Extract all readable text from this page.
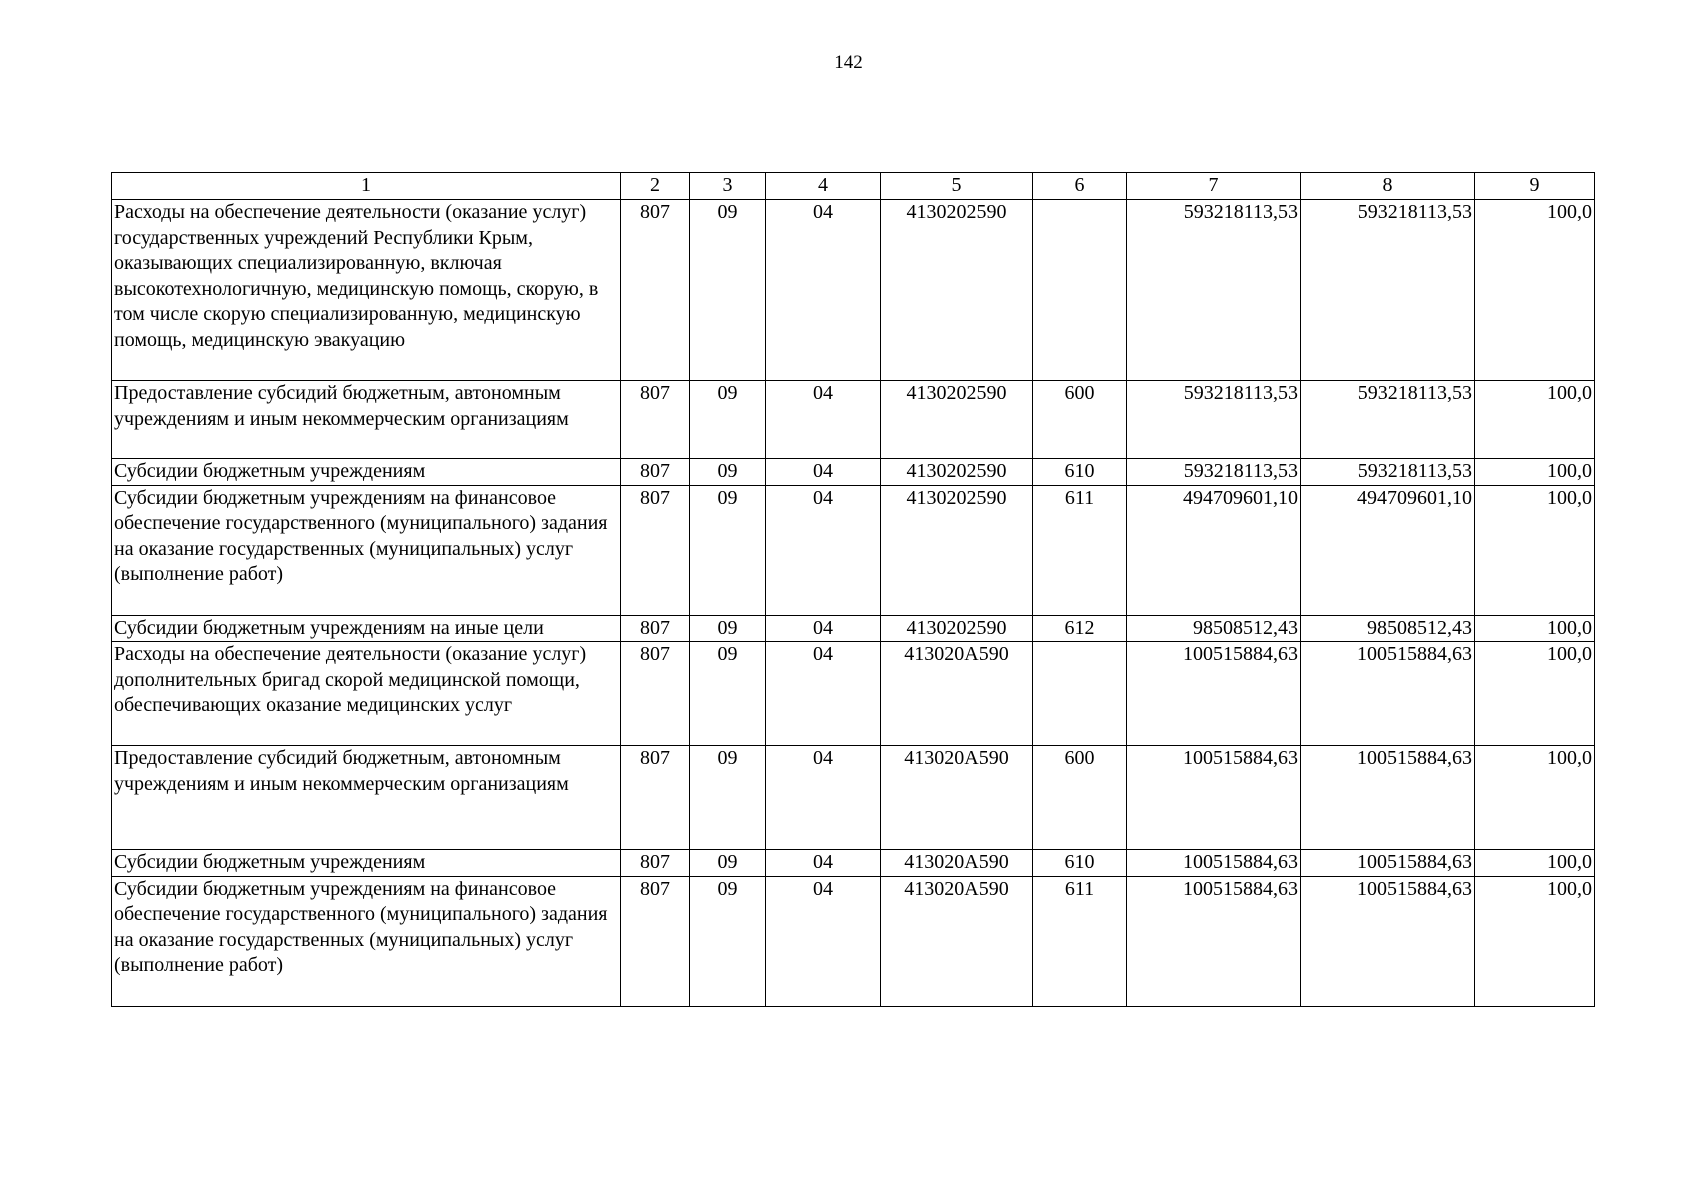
142
1	2	3	4	5	6	7	8	9
Расходы на обеспечение деятельности (оказание услуг) государственных учреждений Республики Крым, оказывающих специализированную, включая высокотехнологичную, медицинскую помощь, скорую, в том числе скорую специализированную, медицинскую помощь, медицинскую эвакуацию	807	09	04	4130202590		593218113,53	593218113,53	100,0
Предоставление субсидий бюджетным, автономным учреждениям и иным некоммерческим организациям	807	09	04	4130202590	600	593218113,53	593218113,53	100,0
Субсидии бюджетным учреждениям	807	09	04	4130202590	610	593218113,53	593218113,53	100,0
Субсидии бюджетным учреждениям на финансовое обеспечение государственного (муниципального) задания на оказание государственных (муниципальных) услуг (выполнение работ)	807	09	04	4130202590	611	494709601,10	494709601,10	100,0
Субсидии бюджетным учреждениям на иные цели	807	09	04	4130202590	612	98508512,43	98508512,43	100,0
Расходы на обеспечение деятельности (оказание услуг) дополнительных бригад скорой медицинской помощи, обеспечивающих оказание медицинских услуг	807	09	04	413020А590		100515884,63	100515884,63	100,0
Предоставление субсидий бюджетным, автономным учреждениям и иным некоммерческим организациям	807	09	04	413020А590	600	100515884,63	100515884,63	100,0
Субсидии бюджетным учреждениям	807	09	04	413020А590	610	100515884,63	100515884,63	100,0
Субсидии бюджетным учреждениям на финансовое обеспечение государственного (муниципального) задания на оказание государственных (муниципальных) услуг (выполнение работ)	807	09	04	413020А590	611	100515884,63	100515884,63	100,0
